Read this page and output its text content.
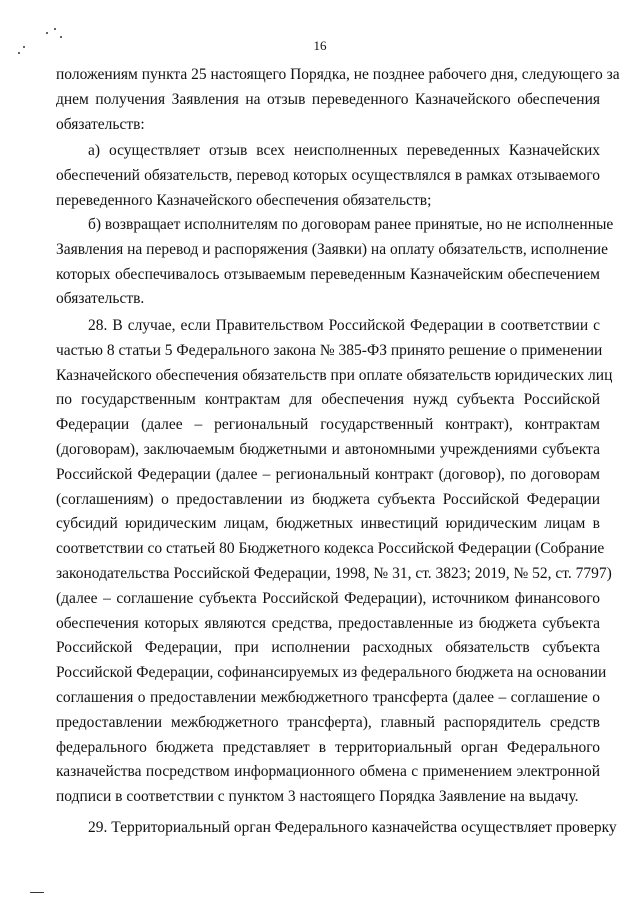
16
положениям пункта 25 настоящего Порядка, не позднее рабочего дня, следующего за
днем получения Заявления на отзыв переведенного Казначейского обеспечения
обязательств:
а) осуществляет отзыв всех неисполненных переведенных Казначейских
обеспечений обязательств, перевод которых осуществлялся в рамках отзываемого
переведенного Казначейского обеспечения обязательств;
б) возвращает исполнителям по договорам ранее принятые, но не исполненные
Заявления на перевод и распоряжения (Заявки) на оплату обязательств, исполнение
которых обеспечивалось отзываемым переведенным Казначейским обеспечением
обязательств.
28. В случае, если Правительством Российской Федерации в соответствии с
частью 8 статьи 5 Федерального закона № 385-ФЗ принято решение о применении
Казначейского обеспечения обязательств при оплате обязательств юридических лиц
по государственным контрактам для обеспечения нужд субъекта Российской
Федерации (далее – региональный государственный контракт), контрактам
(договорам), заключаемым бюджетными и автономными учреждениями субъекта
Российской Федерации (далее – региональный контракт (договор), по договорам
(соглашениям) о предоставлении из бюджета субъекта Российской Федерации
субсидий юридическим лицам, бюджетных инвестиций юридическим лицам в
соответствии со статьей 80 Бюджетного кодекса Российской Федерации (Собрание
законодательства Российской Федерации, 1998, № 31, ст. 3823; 2019, № 52, ст. 7797)
(далее – соглашение субъекта Российской Федерации), источником финансового
обеспечения которых являются средства, предоставленные из бюджета субъекта
Российской Федерации, при исполнении расходных обязательств субъекта
Российской Федерации, софинансируемых из федерального бюджета на основании
соглашения о предоставлении межбюджетного трансферта (далее – соглашение о
предоставлении межбюджетного трансферта), главный распорядитель средств
федерального бюджета представляет в территориальный орган Федерального
казначейства посредством информационного обмена с применением электронной
подписи в соответствии с пунктом 3 настоящего Порядка Заявление на выдачу.
29. Территориальный орган Федерального казначейства осуществляет проверку
